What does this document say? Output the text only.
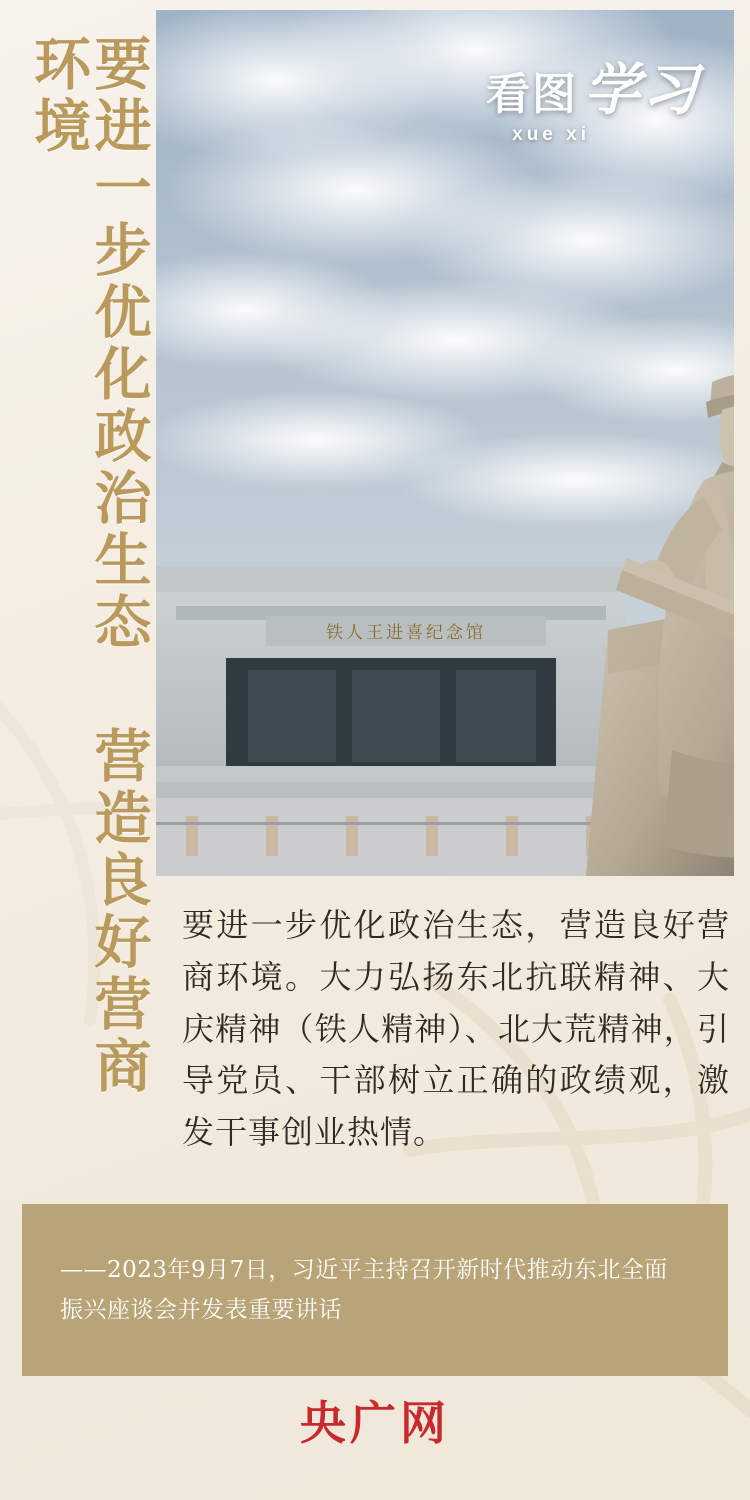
要进一步优化政治生态 营造良好营商环境
铁人王进喜纪念馆
看图 学习
xue xi
要进一步优化政治生态，营造良好营商环境。大力弘扬东北抗联精神、大庆精神（铁人精神）、北大荒精神，引导党员、干部树立正确的政绩观，激发干事创业热情。
——2023年9月7日，习近平主持召开新时代推动东北全面振兴座谈会并发表重要讲话
央广网
